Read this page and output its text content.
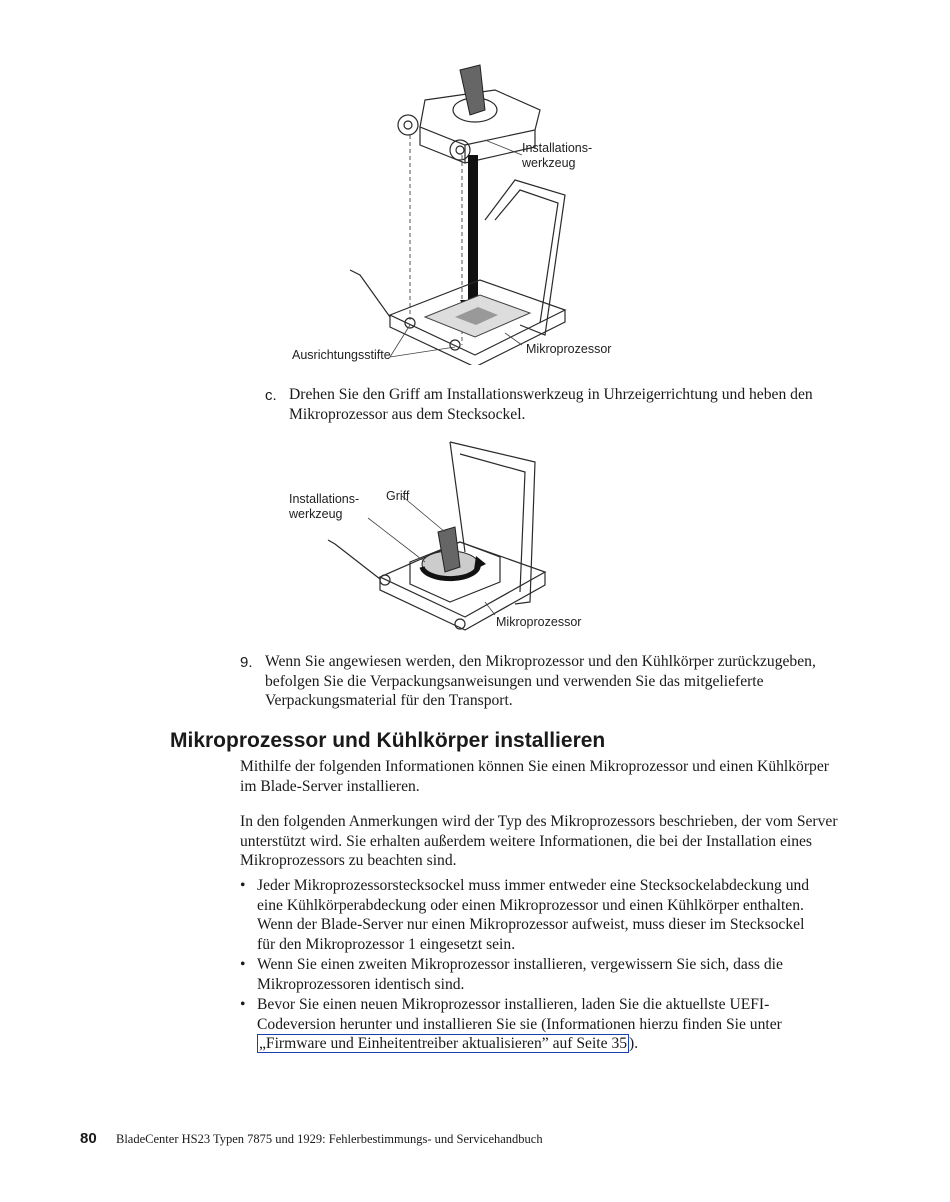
Installations-
werkzeug
Ausrichtungsstifte	Mikroprozessor
c. Drehen Sie den Griff am Installationswerkzeug in Uhrzeigerrichtung und heben den Mikroprozessor aus dem Stecksockel.
Installations-
werkzeug
Griff
Mikroprozessor
9. Wenn Sie angewiesen werden, den Mikroprozessor und den Kühlkörper zurückzugeben, befolgen Sie die Verpackungsanweisungen und verwenden Sie das mitgelieferte Verpackungsmaterial für den Transport.
Mikroprozessor und Kühlkörper installieren
Mithilfe der folgenden Informationen können Sie einen Mikroprozessor und einen Kühlkörper im Blade-Server installieren.
In den folgenden Anmerkungen wird der Typ des Mikroprozessors beschrieben, der vom Server unterstützt wird. Sie erhalten außerdem weitere Informationen, die bei der Installation eines Mikroprozessors zu beachten sind.
• Jeder Mikroprozessorstecksockel muss immer entweder eine Stecksockelabdeckung und eine Kühlkörperabdeckung oder einen Mikroprozessor und einen Kühlkörper enthalten. Wenn der Blade-Server nur einen Mikroprozessor aufweist, muss dieser im Stecksockel für den Mikroprozessor 1 eingesetzt sein.
• Wenn Sie einen zweiten Mikroprozessor installieren, vergewissern Sie sich, dass die Mikroprozessoren identisch sind.
• Bevor Sie einen neuen Mikroprozessor installieren, laden Sie die aktuellste UEFI-Codeversion herunter und installieren Sie sie (Informationen hierzu finden Sie unter „Firmware und Einheitentreiber aktualisieren” auf Seite 35 ).
80 BladeCenter HS23 Typen 7875 und 1929: Fehlerbestimmungs- und Servicehandbuch
